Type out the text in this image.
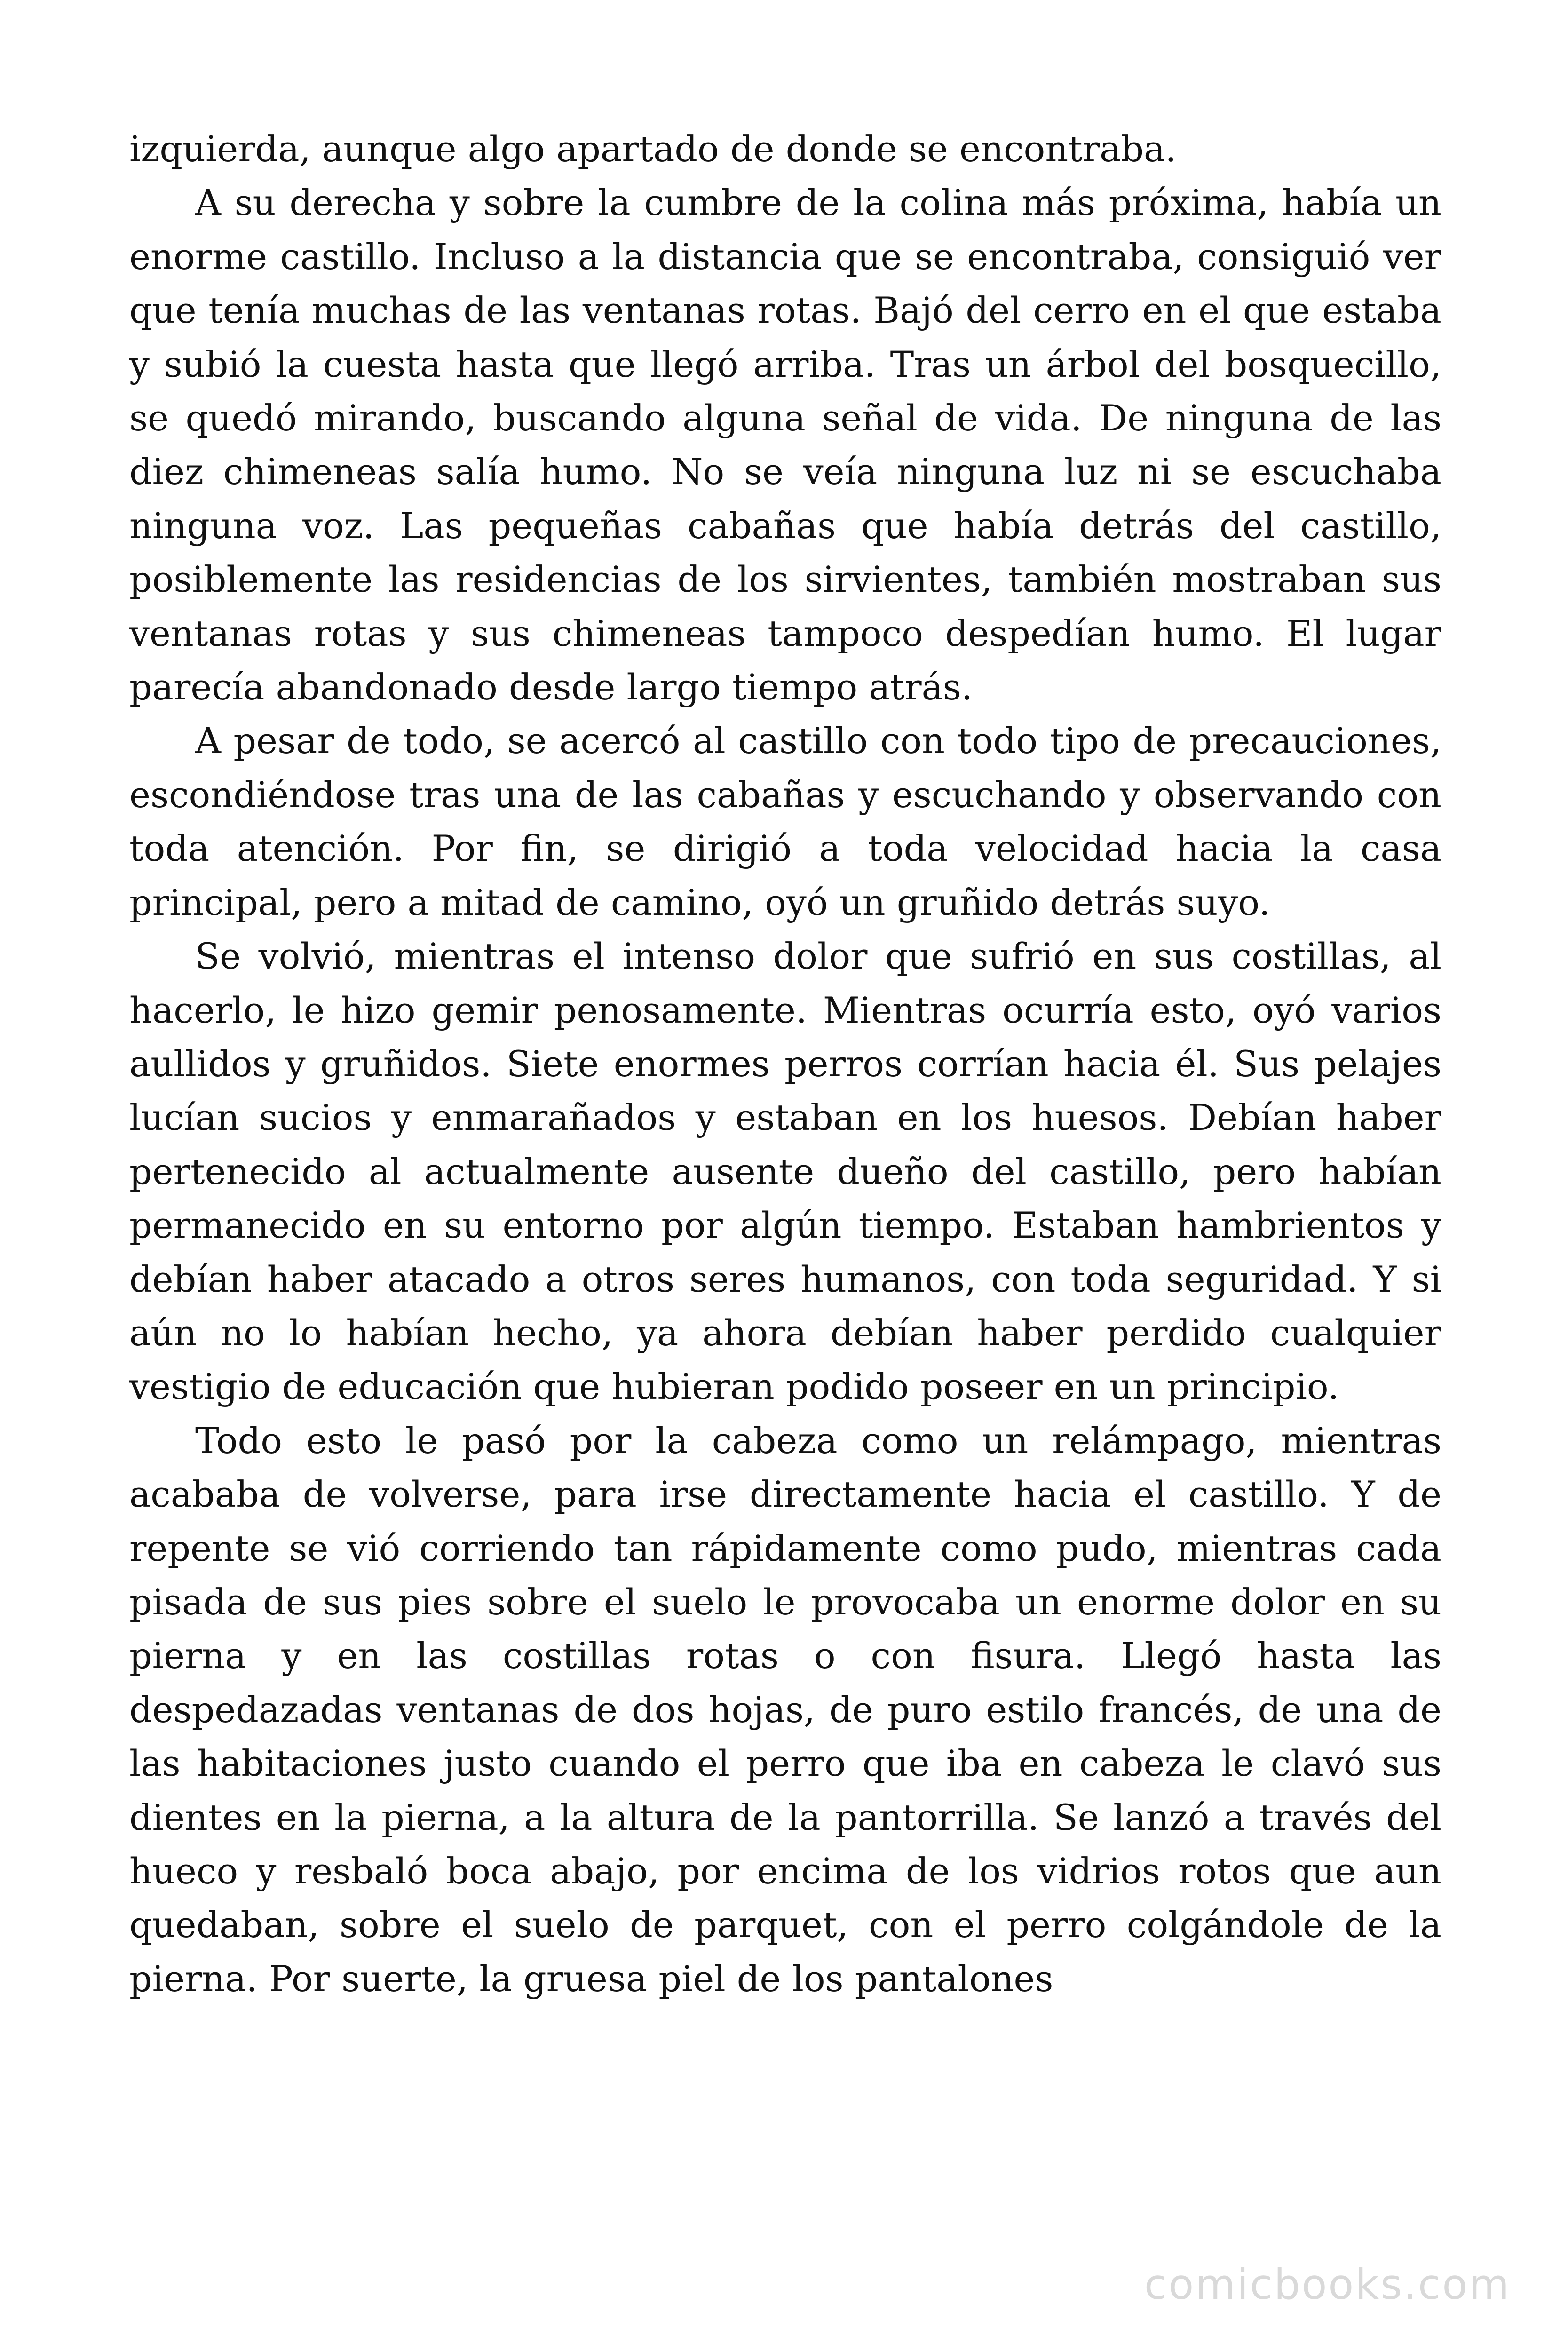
izquierda, aunque algo apartado de donde se encontraba.

A su derecha y sobre la cumbre de la colina más próxima, había un enorme castillo. Incluso a la distancia que se encontraba, consiguió ver que tenía muchas de las ventanas rotas. Bajó del cerro en el que estaba y subió la cuesta hasta que llegó arriba. Tras un árbol del bosquecillo, se quedó mirando, buscando alguna señal de vida. De ninguna de las diez chimeneas salía humo. No se veía ninguna luz ni se escuchaba ninguna voz. Las pequeñas cabañas que había detrás del castillo, posiblemente las residencias de los sirvientes, también mostraban sus ventanas rotas y sus chimeneas tampoco despedían humo. El lugar parecía abandonado desde largo tiempo atrás.

A pesar de todo, se acercó al castillo con todo tipo de precauciones, escondiéndose tras una de las cabañas y escuchando y observando con toda atención. Por fin, se dirigió a toda velocidad hacia la casa principal, pero a mitad de camino, oyó un gruñido detrás suyo.

Se volvió, mientras el intenso dolor que sufrió en sus costillas, al hacerlo, le hizo gemir penosamente. Mientras ocurría esto, oyó varios aullidos y gruñidos. Siete enormes perros corrían hacia él. Sus pelajes lucían sucios y enmarañados y estaban en los huesos. Debían haber pertenecido al actualmente ausente dueño del castillo, pero habían permanecido en su entorno por algún tiempo. Estaban hambrientos y debían haber atacado a otros seres humanos, con toda seguridad. Y si aún no lo habían hecho, ya ahora debían haber perdido cualquier vestigio de educación que hubieran podido poseer en un principio.

Todo esto le pasó por la cabeza como un relámpago, mientras acababa de volverse, para irse directamente hacia el castillo. Y de repente se vió corriendo tan rápidamente como pudo, mientras cada pisada de sus pies sobre el suelo le provocaba un enorme dolor en su pierna y en las costillas rotas o con fisura. Llegó hasta las despedazadas ventanas de dos hojas, de puro estilo francés, de una de las habitaciones justo cuando el perro que iba en cabeza le clavó sus dientes en la pierna, a la altura de la pantorrilla. Se lanzó a través del hueco y resbaló boca abajo, por encima de los vidrios rotos que aun quedaban, sobre el suelo de parquet, con el perro colgándole de la pierna. Por suerte, la gruesa piel de los pantalones

comicbooks.com
